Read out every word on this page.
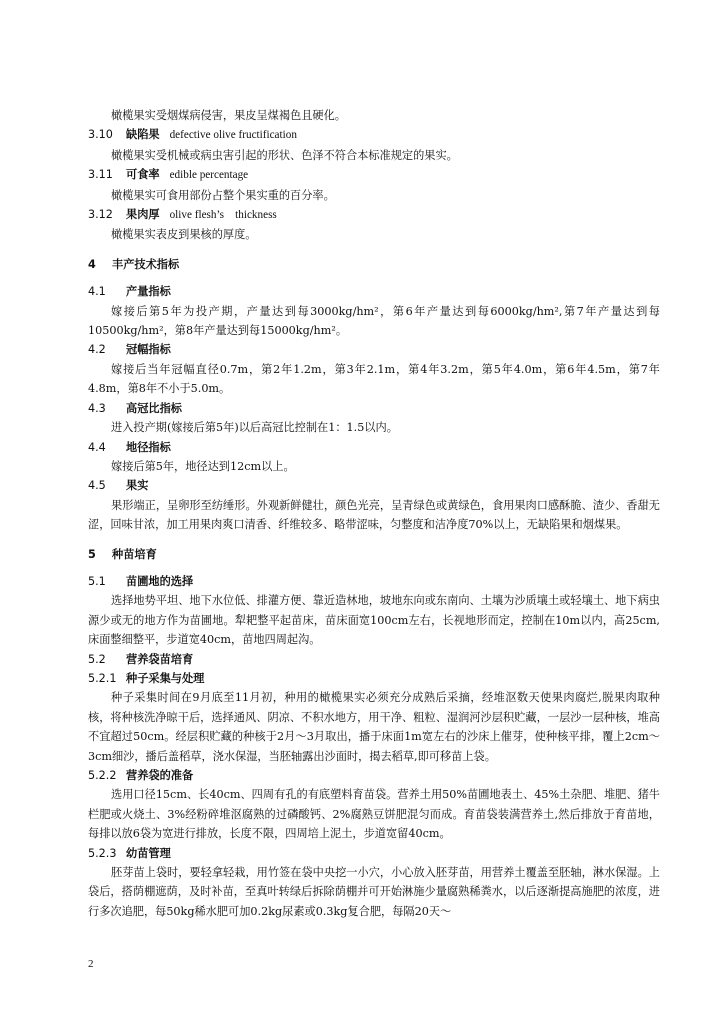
橄榄果实受烟煤病侵害，果皮呈煤褐色且硬化。

3.10 缺陷果 defective olive fructification

橄榄果实受机械或病虫害引起的形状、色泽不符合本标准规定的果实。

3.11 可食率 edible percentage

橄榄果实可食用部份占整个果实重的百分率。

3.12 果肉厚 olive flesh’s　thickness

橄榄果实表皮到果核的厚度。

4 丰产技术指标
4.1 产量指标

嫁接后第5年为投产期，产量达到每3000kg/hm²，第6年产量达到每6000kg/hm²,第7年产量达到每10500kg/hm²，第8年产量达到每15000kg/hm²。

4.2 冠幅指标

嫁接后当年冠幅直径0.7m，第2年1.2m，第3年2.1m，第4年3.2m，第5年4.0m，第6年4.5m，第7年4.8m，第8年不小于5.0m。

4.3 高冠比指标

进入投产期(嫁接后第5年)以后高冠比控制在1：1.5以内。

4.4 地径指标

嫁接后第5年，地径达到12cm以上。

4.5 果实

果形端正，呈卵形至纺缍形。外观新鲜健壮，颜色光亮，呈青绿色或黄绿色，食用果肉口感酥脆、渣少、香甜无涩，回味甘浓，加工用果肉爽口清香、纤维较多、略带涩味，匀整度和洁净度70%以上，无缺陷果和烟煤果。

5 种苗培育
5.1 苗圃地的选择

选择地势平坦、地下水位低、排灌方便、靠近造林地，坡地东向或东南向、土壤为沙质壤土或轻壤土、地下病虫源少或无的地方作为苗圃地。犁耙整平起苗床，苗床面宽100cm左右，长视地形而定，控制在10m以内，高25cm,床面整细整平，步道宽40cm，苗地四周起沟。

5.2 营养袋苗培育
5.2.1 种子采集与处理

种子采集时间在9月底至11月初，种用的橄榄果实必须充分成熟后采摘，经堆沤数天使果肉腐烂,脱果肉取种核，将种核洗净晾干后，选择通风、阴凉、不积水地方，用干净、粗粒、湿润河沙层积贮藏，一层沙一层种核，堆高不宜超过50cm。经层积贮藏的种核于2月～3月取出，播于床面1m宽左右的沙床上催芽，使种核平排，覆上2cm～3cm细沙，播后盖稻草，浇水保湿，当胚轴露出沙面时，揭去稻草,即可移苗上袋。

5.2.2 营养袋的准备

选用口径15cm、长40cm、四周有孔的有底塑料育苗袋。营养土用50%苗圃地表土、45%土杂肥、堆肥、猪牛栏肥或火烧土、3%经粉碎堆沤腐熟的过磷酸钙、2%腐熟豆饼肥混匀而成。育苗袋装满营养土,然后排放于育苗地，每排以放6袋为宽进行排放，长度不限，四周培上泥土，步道宽留40cm。

5.2.3 幼苗管理

胚芽苗上袋时，要轻拿轻栽，用竹签在袋中央挖一小穴，小心放入胚芽苗，用营养土覆盖至胚轴，淋水保湿。上袋后，搭荫棚遮荫，及时补苗，至真叶转绿后拆除荫棚并可开始淋施少量腐熟稀粪水，以后逐渐提高施肥的浓度，进行多次追肥，每50kg稀水肥可加0.2kg尿素或0.3kg复合肥，每隔20天～

2
